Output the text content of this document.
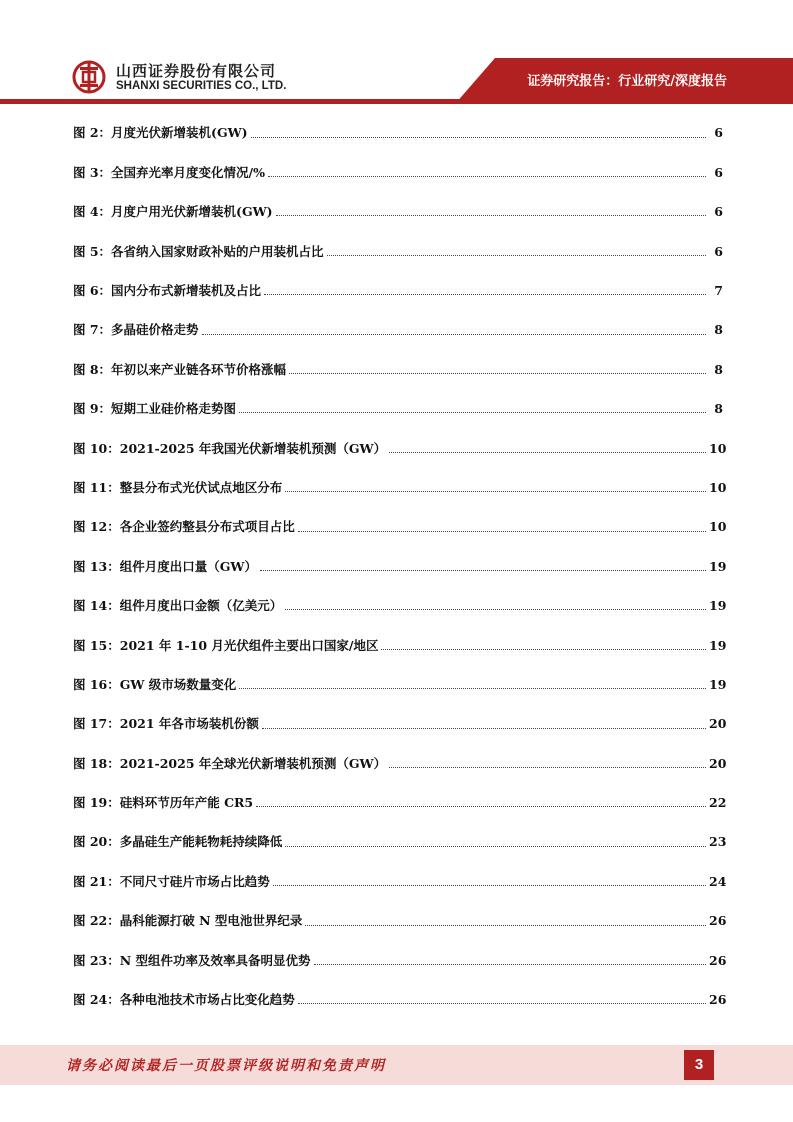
山西证券股份有限公司
SHANXI SECURITIES CO., LTD.	证券研究报告：行业研究/深度报告
图 2：月度光伏新增装机(GW)	6
图 3：全国弃光率月度变化情况/%	6
图 4：月度户用光伏新增装机(GW)	6
图 5：各省纳入国家财政补贴的户用装机占比	6
图 6：国内分布式新增装机及占比	7
图 7：多晶硅价格走势	8
图 8：年初以来产业链各环节价格涨幅	8
图 9：短期工业硅价格走势图	8
图 10：2021-2025 年我国光伏新增装机预测（GW）	10
图 11：整县分布式光伏试点地区分布	10
图 12：各企业签约整县分布式项目占比	10
图 13：组件月度出口量（GW）	19
图 14：组件月度出口金额（亿美元）	19
图 15：2021 年 1-10 月光伏组件主要出口国家/地区	19
图 16：GW 级市场数量变化	19
图 17：2021 年各市场装机份额	20
图 18：2021-2025 年全球光伏新增装机预测（GW）	20
图 19：硅料环节历年产能 CR5	22
图 20：多晶硅生产能耗物耗持续降低	23
图 21：不同尺寸硅片市场占比趋势	24
图 22：晶科能源打破 N 型电池世界纪录	26
图 23：N 型组件功率及效率具备明显优势	26
图 24：各种电池技术市场占比变化趋势	26
请务必阅读最后一页股票评级说明和免责声明	3
